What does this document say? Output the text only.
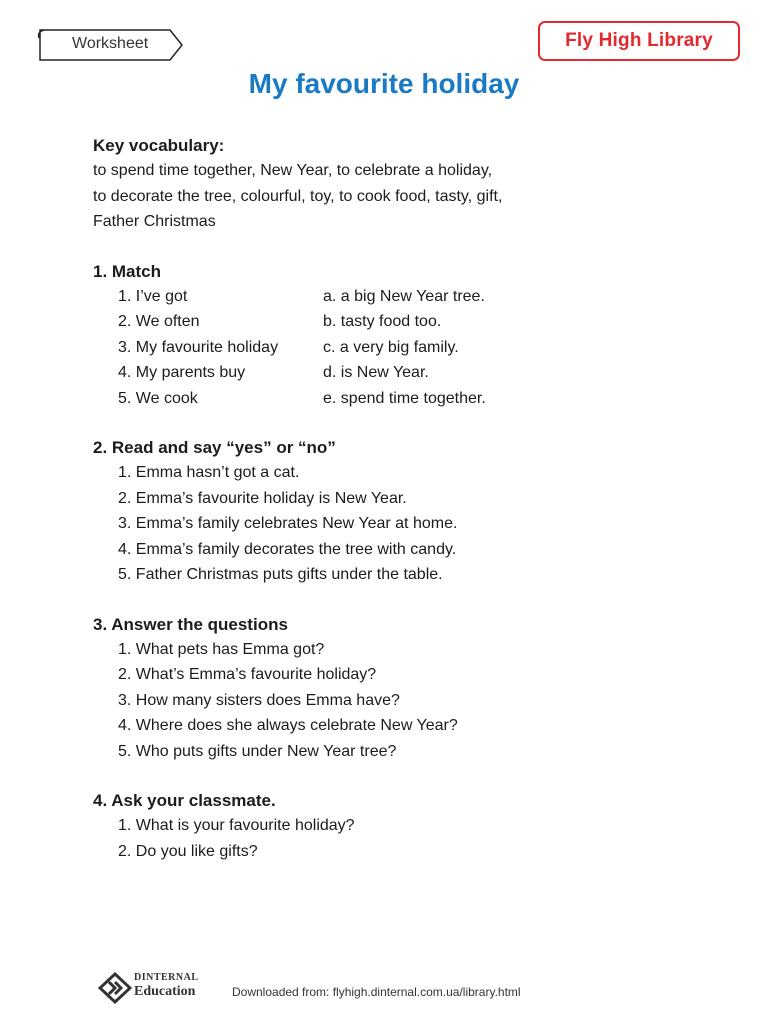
Worksheet	Fly High Library
My favourite holiday
Key vocabulary:
to spend time together, New Year, to celebrate a holiday,
to decorate the tree, colourful, toy, to cook food, tasty, gift,
Father Christmas
1. Match
1. I’ve got	a. a big New Year tree.
2. We often	b. tasty food too.
3. My favourite holiday	c. a very big family.
4. My parents buy	d. is New Year.
5. We cook	e. spend time together.
2. Read and say “yes” or “no”
1. Emma hasn’t got a cat.
2. Emma’s favourite holiday is New Year.
3. Emma’s family celebrates New Year at home.
4. Emma’s family decorates the tree with candy.
5. Father Christmas puts gifts under the table.
3. Answer the questions
1. What pets has Emma got?
2. What’s Emma’s favourite holiday?
3. How many sisters does Emma have?
4. Where does she always celebrate New Year?
5. Who puts gifts under New Year tree?
4. Ask your classmate.
1. What is your favourite holiday?
2. Do you like gifts?
DINTERNAL
Education	Downloaded from: flyhigh.dinternal.com.ua/library.html
